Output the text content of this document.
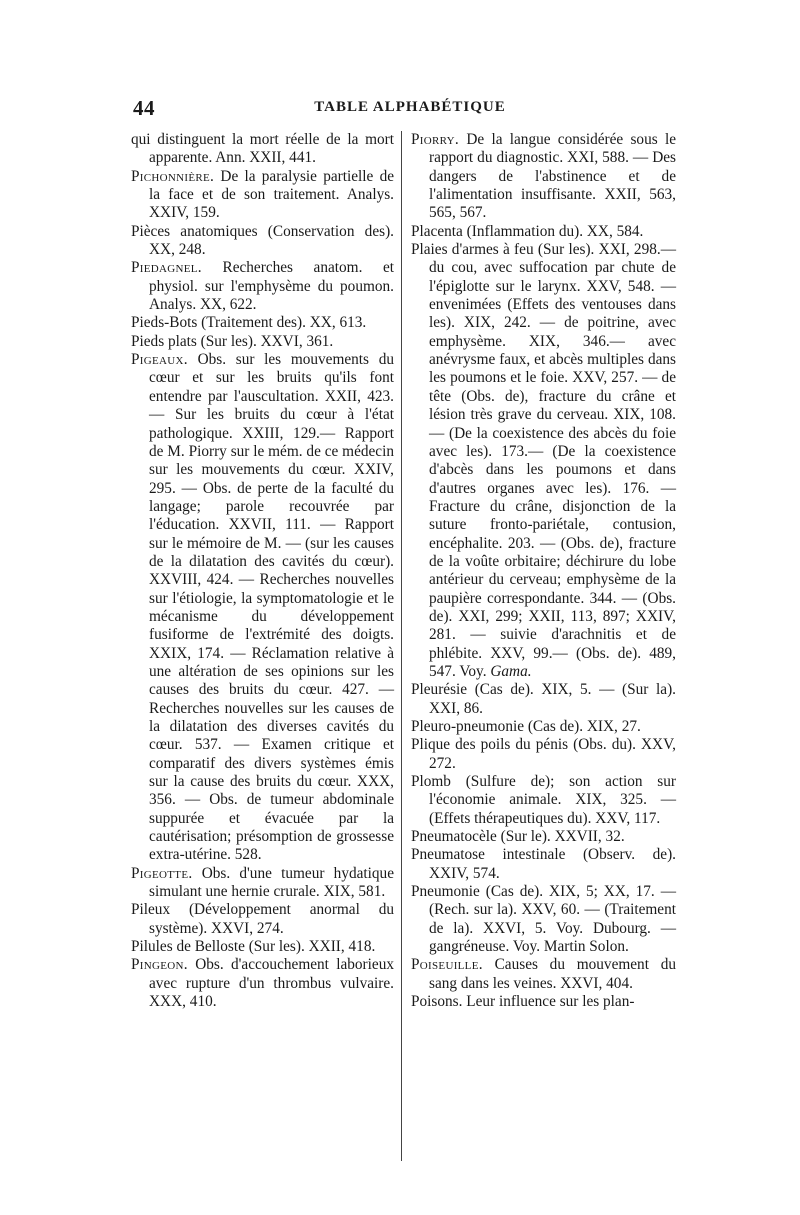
44	TABLE ALPHABÉTIQUE

qui distinguent la mort réelle de la mort apparente. Ann. XXII, 441.

Pichonnière. De la paralysie partielle de la face et de son traitement. Analys. XXIV, 159.

Pièces anatomiques (Conservation des). XX, 248.

Piedagnel. Recherches anatom. et physiol. sur l'emphysème du poumon. Analys. XX, 622.

Pieds-Bots (Traitement des). XX, 613.

Pieds plats (Sur les). XXVI, 361.

Pigeaux. Obs. sur les mouvements du cœur et sur les bruits qu'ils font entendre par l'auscultation. XXII, 423. — Sur les bruits du cœur à l'état pathologique. XXIII, 129.— Rapport de M. Piorry sur le mém. de ce médecin sur les mouvements du cœur. XXIV, 295. — Obs. de perte de la faculté du langage; parole recouvrée par l'éducation. XXVII, 111. — Rapport sur le mémoire de M. — (sur les causes de la dilatation des cavités du cœur). XXVIII, 424. — Recherches nouvelles sur l'étiologie, la symptomatologie et le mécanisme du développement fusiforme de l'extrémité des doigts. XXIX, 174. — Réclamation relative à une altération de ses opinions sur les causes des bruits du cœur. 427. — Recherches nouvelles sur les causes de la dilatation des diverses cavités du cœur. 537. — Examen critique et comparatif des divers systèmes émis sur la cause des bruits du cœur. XXX, 356. — Obs. de tumeur abdominale suppurée et évacuée par la cautérisation; présomption de grossesse extra-utérine. 528.

Pigeotte. Obs. d'une tumeur hydatique simulant une hernie crurale. XIX, 581.

Pileux (Développement anormal du système). XXVI, 274.

Pilules de Belloste (Sur les). XXII, 418.

Pingeon. Obs. d'accouchement laborieux avec rupture d'un thrombus vulvaire. XXX, 410.

Piorry. De la langue considérée sous le rapport du diagnostic. XXI, 588. — Des dangers de l'abstinence et de l'alimentation insuffisante. XXII, 563, 565, 567.

Placenta (Inflammation du). XX, 584.

Plaies d'armes à feu (Sur les). XXI, 298.—du cou, avec suffocation par chute de l'épiglotte sur le larynx. XXV, 548. — envenimées (Effets des ventouses dans les). XIX, 242. — de poitrine, avec emphysème. XIX, 346.— avec anévrysme faux, et abcès multiples dans les poumons et le foie. XXV, 257. — de tête (Obs. de), fracture du crâne et lésion très grave du cerveau. XIX, 108. — (De la coexistence des abcès du foie avec les). 173.— (De la coexistence d'abcès dans les poumons et dans d'autres organes avec les). 176. — Fracture du crâne, disjonction de la suture fronto-pariétale, contusion, encéphalite. 203. — (Obs. de), fracture de la voûte orbitaire; déchirure du lobe antérieur du cerveau; emphysème de la paupière correspondante. 344. — (Obs. de). XXI, 299; XXII, 113, 897; XXIV, 281. — suivie d'arachnitis et de phlébite. XXV, 99.— (Obs. de). 489, 547. Voy. Gama.

Pleurésie (Cas de). XIX, 5. — (Sur la). XXI, 86.

Pleuro-pneumonie (Cas de). XIX, 27.

Plique des poils du pénis (Obs. du). XXV, 272.

Plomb (Sulfure de); son action sur l'économie animale. XIX, 325. — (Effets thérapeutiques du). XXV, 117.

Pneumatocèle (Sur le). XXVII, 32.

Pneumatose intestinale (Observ. de). XXIV, 574.

Pneumonie (Cas de). XIX, 5; XX, 17. — (Rech. sur la). XXV, 60. — (Traitement de la). XXVI, 5. Voy. Dubourg. — gangréneuse. Voy. Martin Solon.

Poiseuille. Causes du mouvement du sang dans les veines. XXVI, 404.

Poisons. Leur influence sur les plan-
